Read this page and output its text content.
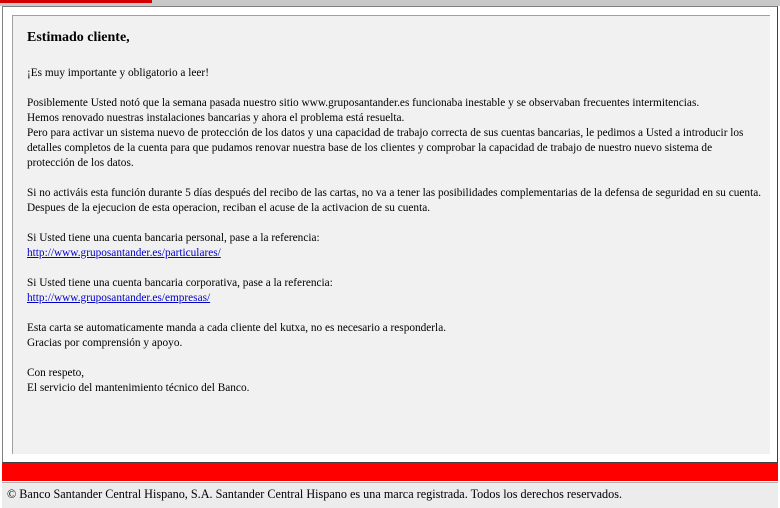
Estimado cliente,
¡Es muy importante y obligatorio a leer!
Posiblemente Usted notó que la semana pasada nuestro sitio www.gruposantander.es funcionaba inestable y se observaban frecuentes intermitencias.
Hemos renovado nuestras instalaciones bancarias y ahora el problema está resuelta.
Pero para activar un sistema nuevo de protección de los datos y una capacidad de trabajo correcta de sus cuentas bancarias, le pedimos a Usted a introducir los detalles completos de la cuenta para que pudamos renovar nuestra base de los clientes y comprobar la capacidad de trabajo de nuestro nuevo sistema de protección de los datos.
Si no activáis esta función durante 5 días después del recibo de las cartas, no va a tener las posibilidades complementarias de la defensa de seguridad en su cuenta.
Despues de la ejecucion de esta operacion, reciban el acuse de la activacion de su cuenta.
Si Usted tiene una cuenta bancaria personal, pase a la referencia:
http://www.gruposantander.es/particulares/
Si Usted tiene una cuenta bancaria corporativa, pase a la referencia:
http://www.gruposantander.es/empresas/
Esta carta se automaticamente manda a cada cliente del kutxa, no es necesario a responderla.
Gracias por comprensión y apoyo.
Con respeto,
El servicio del mantenimiento técnico del Banco.
© Banco Santander Central Hispano, S.A. Santander Central Hispano es una marca registrada. Todos los derechos reservados.
